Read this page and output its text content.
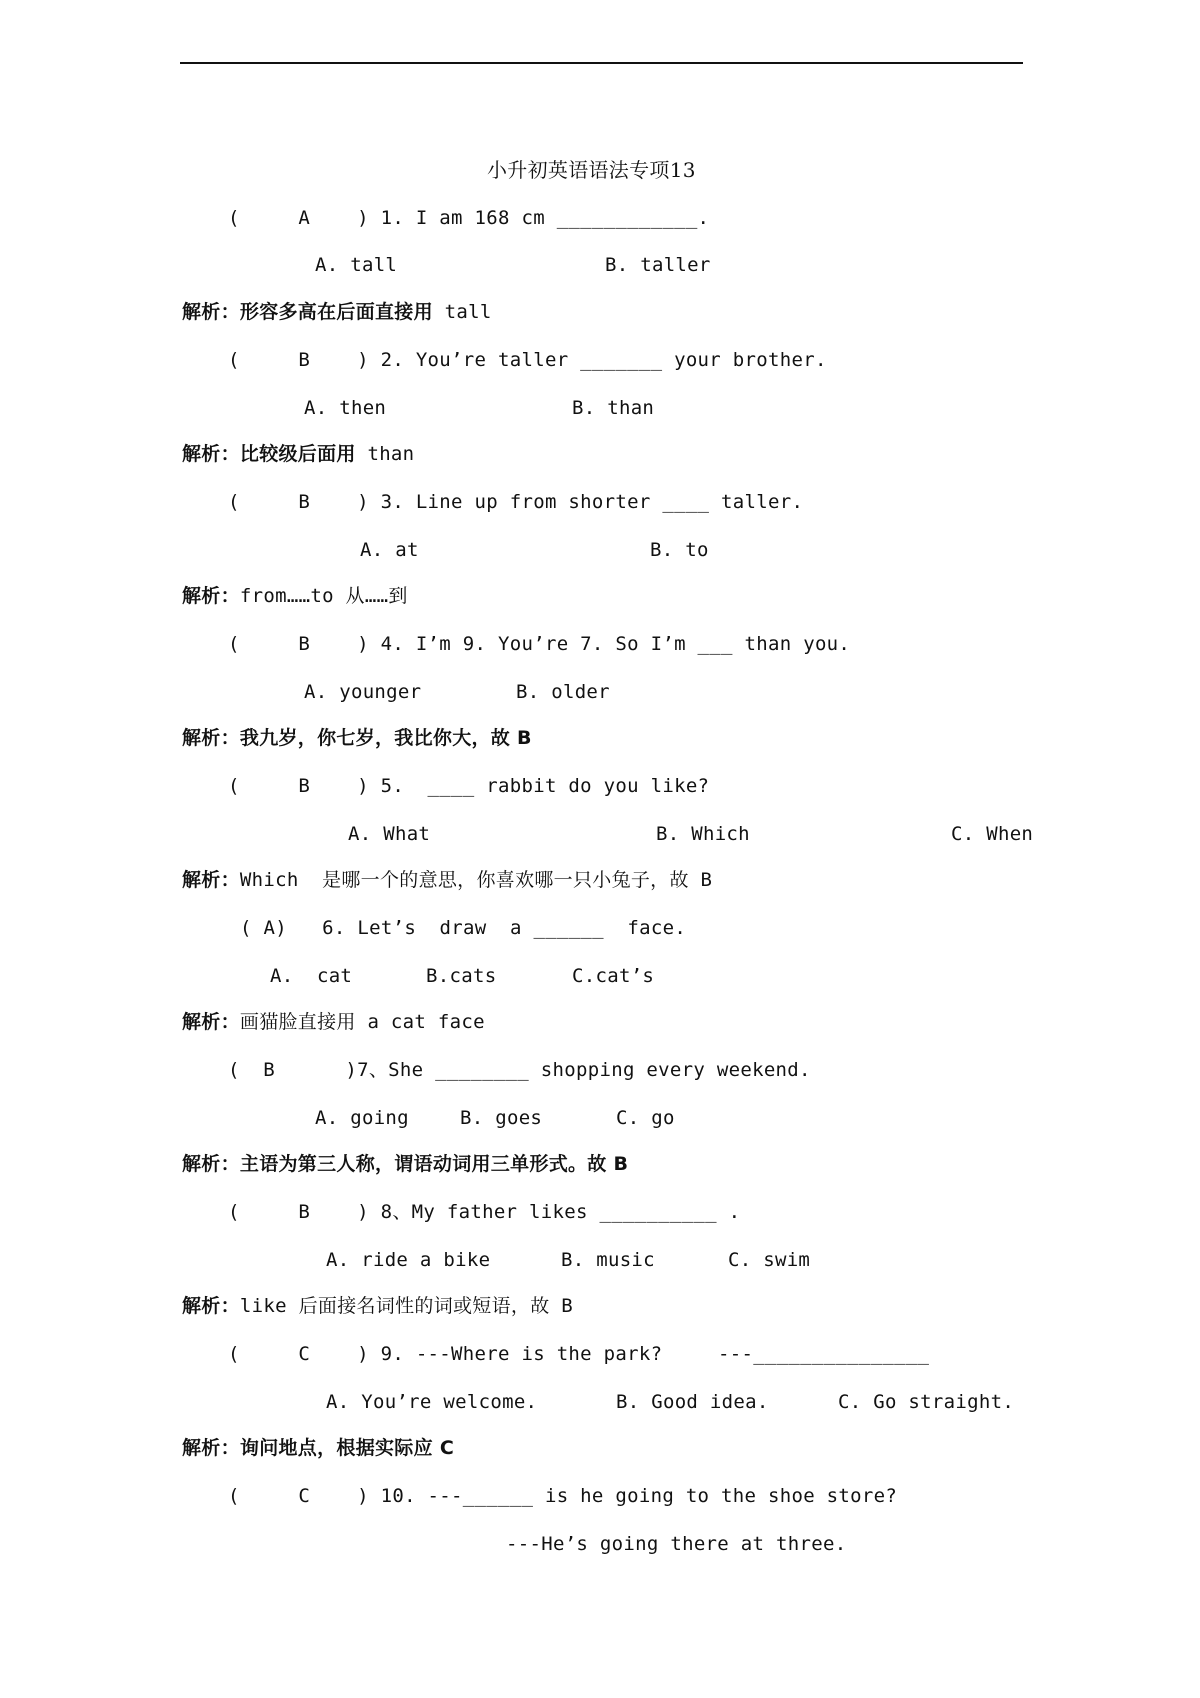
小升初英语语法专项13
(     A    ) 1. I am 168 cm ____________.
A. tall	B. taller
解析：形容多高在后面直接用 tall
(     B    ) 2. You’re taller _______ your brother.
A. then	B. than
解析：比较级后面用 than
(     B    ) 3. Line up from shorter ____ taller.
A. at	B. to
解析：from……to 从……到
(     B    ) 4. I’m 9. You’re 7. So I’m ___ than you.
A. younger	B. older
解析：我九岁，你七岁，我比你大，故 B
(     B    ) 5.  ____ rabbit do you like?
A. What	B. Which	C. When
解析：Which  是哪一个的意思，你喜欢哪一只小兔子，故 B
( A)   6. Let’s  draw  a ______  face.
A.  cat	B.cats	C.cat’s
解析：画猫脸直接用 a cat face
(  B      )7、She ________ shopping every weekend.
A. going	B. goes	C. go
解析：主语为第三人称，谓语动词用三单形式。故 B
(     B    ) 8、My father likes __________ .
A. ride a bike	B. music	C. swim
解析：like 后面接名词性的词或短语，故 B
(     C    ) 9. ---Where is the park?	---_______________
A. You’re welcome.	B. Good idea.	C. Go straight.
解析：询问地点，根据实际应 C
(     C    ) 10. ---______ is he going to the shoe store?
---He’s going there at three.
